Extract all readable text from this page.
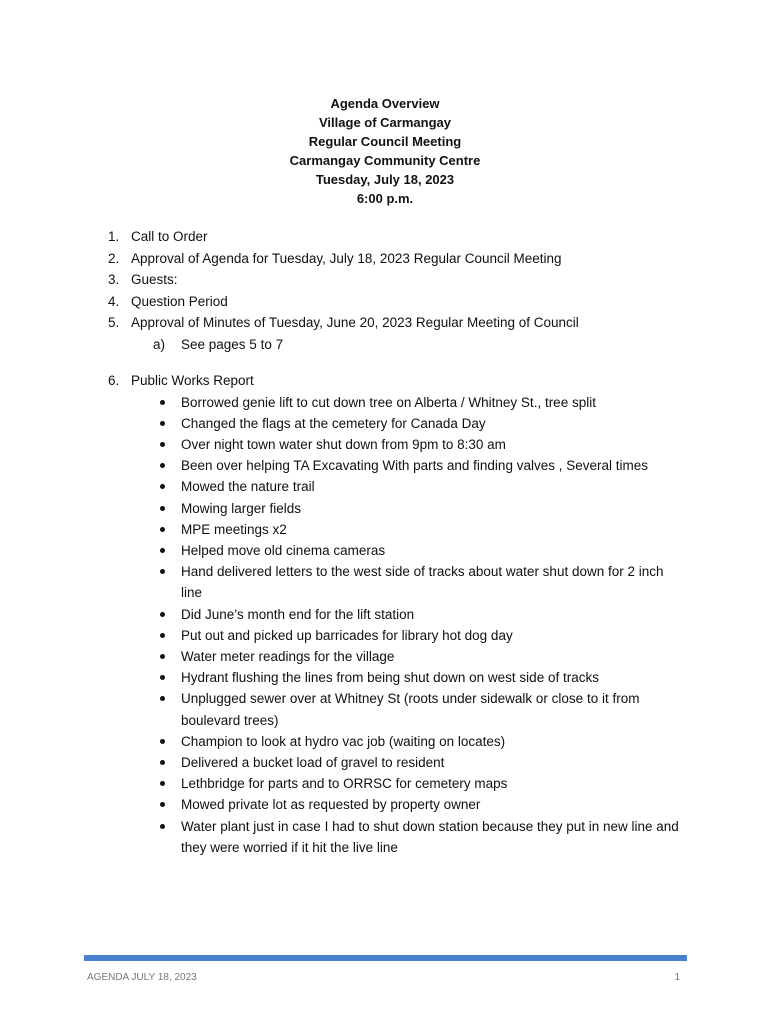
Agenda Overview
Village of Carmangay
Regular Council Meeting
Carmangay Community Centre
Tuesday, July 18, 2023
6:00 p.m.
1. Call to Order
2. Approval of Agenda for Tuesday, July 18, 2023 Regular Council Meeting
3. Guests:
4. Question Period
5. Approval of Minutes of Tuesday, June 20, 2023 Regular Meeting of Council
a) See pages 5 to 7
6. Public Works Report
Borrowed genie lift to cut down tree on Alberta / Whitney St., tree split
Changed the flags at the cemetery for Canada Day
Over night town water shut down from 9pm to 8:30 am
Been over helping TA Excavating With parts and finding valves , Several times
Mowed the nature trail
Mowing larger fields
MPE meetings x2
Helped move old cinema cameras
Hand delivered letters to the west side of tracks about water shut down for 2 inch line
Did June’s month end for the lift station
Put out and picked up barricades for library hot dog day
Water meter readings for the village
Hydrant flushing the lines from being shut down on west side of tracks
Unplugged sewer over at Whitney St (roots under sidewalk or close to it from boulevard trees)
Champion to look at hydro vac job (waiting on locates)
Delivered a bucket load of gravel to resident
Lethbridge for parts and to ORRSC for cemetery maps
Mowed private lot as requested by property owner
Water plant just in case I had to shut down station because they put in new line and they were worried if it hit the live line
AGENDA JULY 18, 2023	1
